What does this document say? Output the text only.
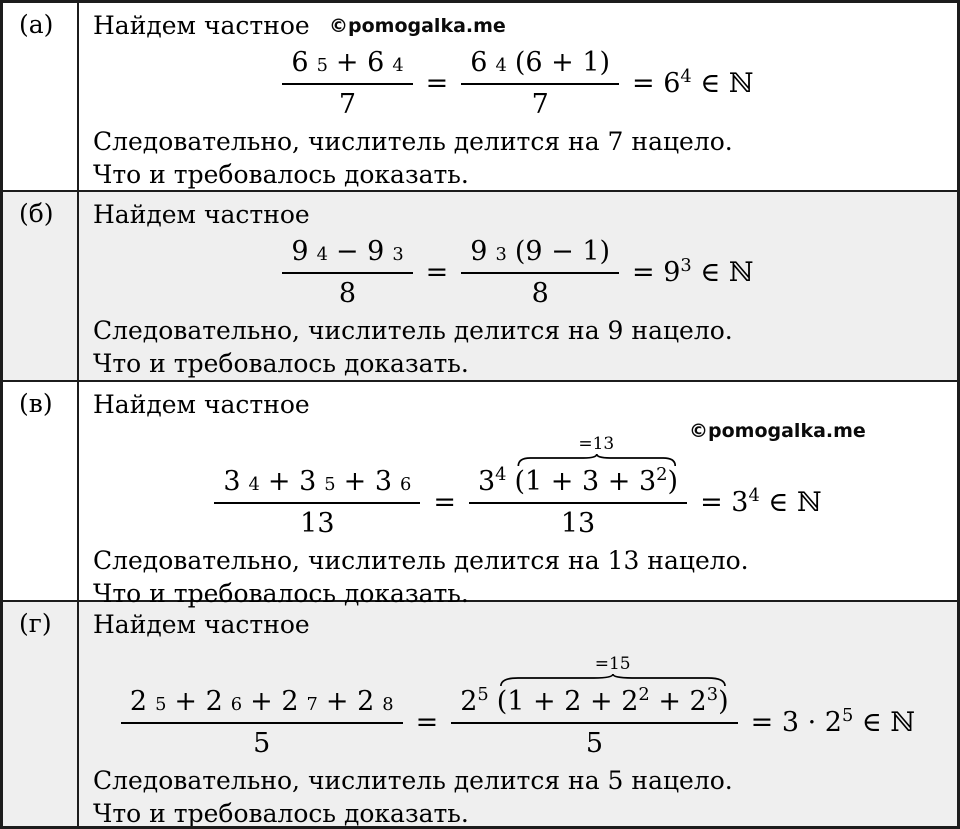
(а)	Найдем частное	©pomogalka.me
$\frac{6 5 + 6 4}{7} = \frac{6 4 (6 + 1)}{7} = 6^4$ ∈ ℕ
Следовательно, числитель делится на 7 нацело.
Что и требовалось доказать.
(б)	Найдем частное
$\frac{9 4 - 9 3}{8} = \frac{9 3 (9 - 1)}{8} = 9^3$ ∈ ℕ
Следовательно, числитель делится на 9 нацело.
Что и требовалось доказать.
(в)	Найдем частное
©pomogalka.me
$\frac{3 4 + 3 5 + 3 6}{13}$ =
$3^4$
=13
$(1 + 3 + 3^2)$
13
= $3^4$ ∈ ℕ
Следовательно, числитель делится на 13 нацело.
Что и требовалось доказать.
(г)	Найдем частное
$\frac{2 5 + 2 6 + 2 7 + 2 8}{5}$ =
$2^5$
=15
$(1 + 2 + 2^2 + 2^3)$
5
= $3 \cdot 2^5$ ∈ ℕ
Следовательно, числитель делится на 5 нацело.
Что и требовалось доказать.
